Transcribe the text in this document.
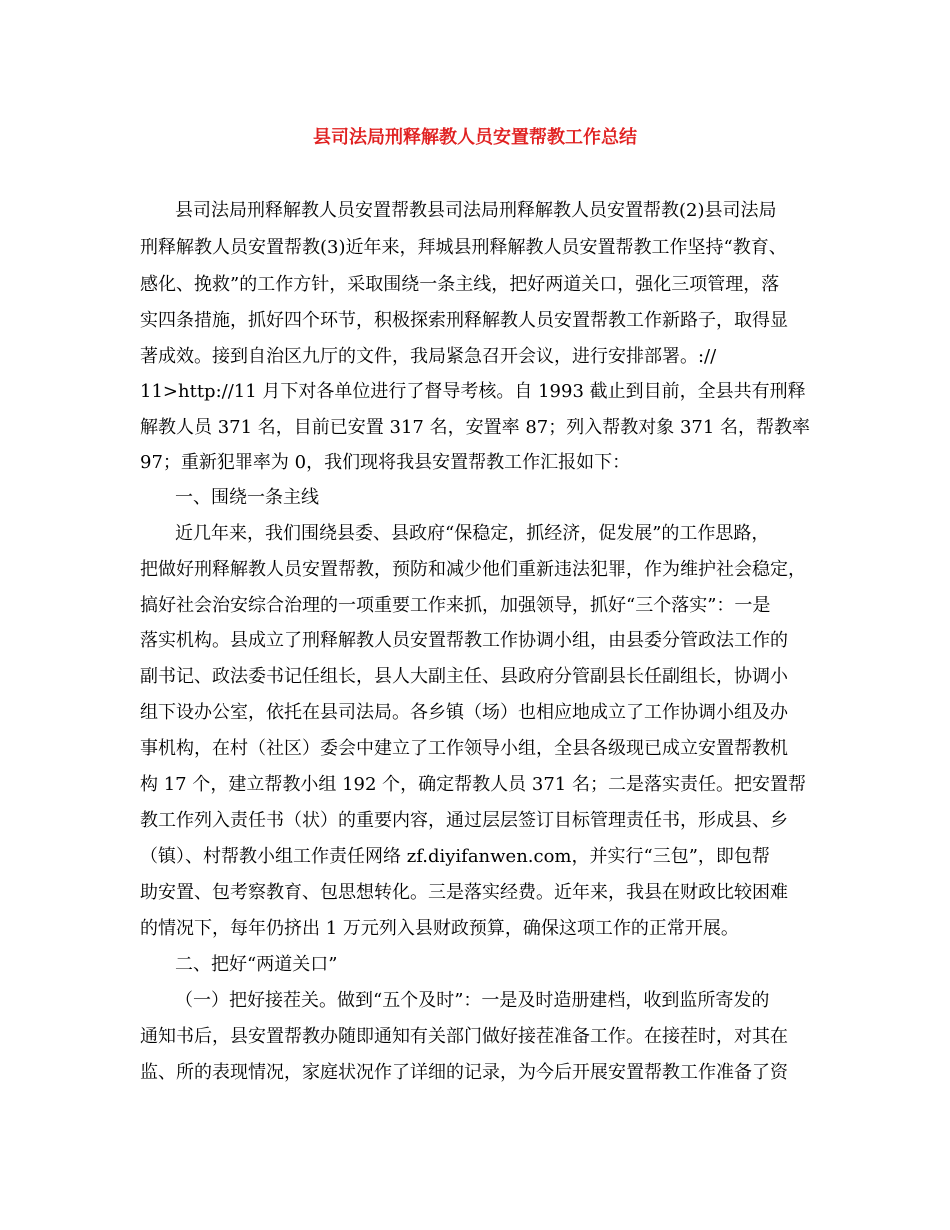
县司法局刑释解教人员安置帮教工作总结
县司法局刑释解教人员安置帮教县司法局刑释解教人员安置帮教(2)县司法局
刑释解教人员安置帮教(3)近年来，拜城县刑释解教人员安置帮教工作坚持“教育、
感化、挽救”的工作方针，采取围绕一条主线，把好两道关口，强化三项管理，落
实四条措施，抓好四个环节，积极探索刑释解教人员安置帮教工作新路子，取得显
著成效。接到自治区九厅的文件，我局紧急召开会议，进行安排部署。://
11>http://11 月下对各单位进行了督导考核。自 1993 截止到目前，全县共有刑释
解教人员 371 名，目前已安置 317 名，安置率 87；列入帮教对象 371 名，帮教率
97；重新犯罪率为 0，我们现将我县安置帮教工作汇报如下：
一、围绕一条主线
近几年来，我们围绕县委、县政府“保稳定，抓经济，促发展”的工作思路，
把做好刑释解教人员安置帮教，预防和减少他们重新违法犯罪，作为维护社会稳定，
搞好社会治安综合治理的一项重要工作来抓，加强领导，抓好“三个落实”：一是
落实机构。县成立了刑释解教人员安置帮教工作协调小组，由县委分管政法工作的
副书记、政法委书记任组长，县人大副主任、县政府分管副县长任副组长，协调小
组下设办公室，依托在县司法局。各乡镇（场）也相应地成立了工作协调小组及办
事机构，在村（社区）委会中建立了工作领导小组，全县各级现已成立安置帮教机
构 17 个，建立帮教小组 192 个，确定帮教人员 371 名；二是落实责任。把安置帮
教工作列入责任书（状）的重要内容，通过层层签订目标管理责任书，形成县、乡
（镇）、村帮教小组工作责任网络 zf.diyifanwen.com，并实行“三包”，即包帮
助安置、包考察教育、包思想转化。三是落实经费。近年来，我县在财政比较困难
的情况下，每年仍挤出 1 万元列入县财政预算，确保这项工作的正常开展。
二、把好“两道关口”
（一）把好接茬关。做到“五个及时”：一是及时造册建档，收到监所寄发的
通知书后，县安置帮教办随即通知有关部门做好接茬准备工作。在接茬时，对其在
监、所的表现情况，家庭状况作了详细的记录，为今后开展安置帮教工作准备了资
